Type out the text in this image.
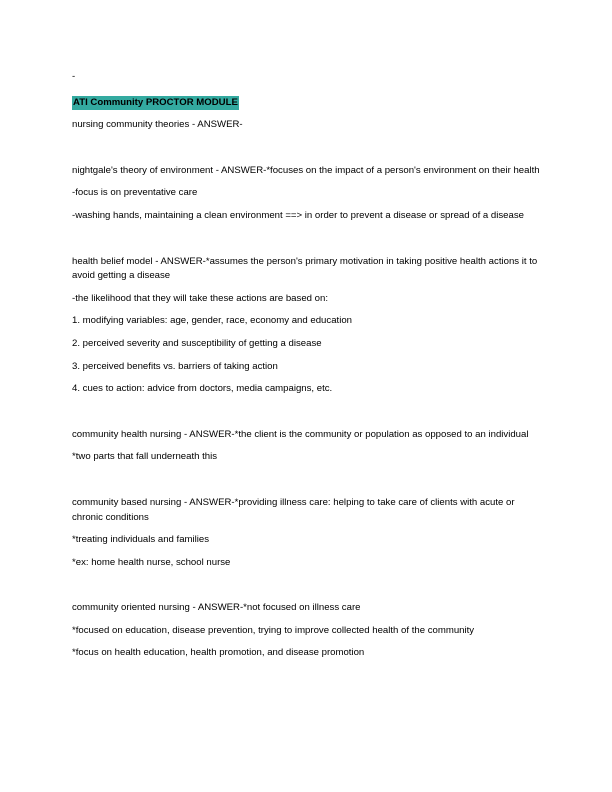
-

ATI Community PROCTOR MODULE

nursing community theories - ANSWER-

nightgale's theory of environment - ANSWER-*focuses on the impact of a person's environment on their health

-focus is on preventative care

-washing hands, maintaining a clean environment ==> in order to prevent a disease or spread of a disease

health belief model - ANSWER-*assumes the person's primary motivation in taking positive health actions it to avoid getting a disease

-the likelihood that they will take these actions are based on:

1. modifying variables: age, gender, race, economy and education

2. perceived severity and susceptibility of getting a disease

3. perceived benefits vs. barriers of taking action

4. cues to action: advice from doctors, media campaigns, etc.

community health nursing - ANSWER-*the client is the community or population as opposed to an individual

*two parts that fall underneath this

community based nursing - ANSWER-*providing illness care: helping to take care of clients with acute or chronic conditions

*treating individuals and families

*ex: home health nurse, school nurse

community oriented nursing - ANSWER-*not focused on illness care

*focused on education, disease prevention, trying to improve collected health of the community

*focus on health education, health promotion, and disease promotion
